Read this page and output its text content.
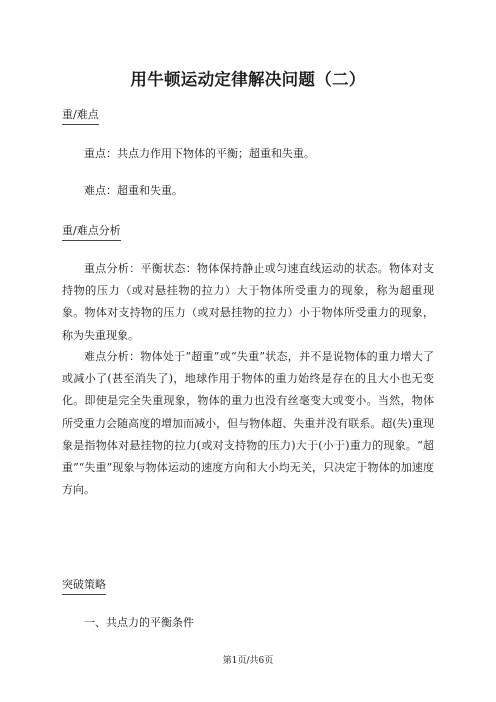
用牛顿运动定律解决问题（二）
重/难点
重点：共点力作用下物体的平衡；超重和失重。
难点：超重和失重。
重/难点分析
重点分析：平衡状态：物体保持静止或匀速直线运动的状态。物体对支持物的压力（或对悬挂物的拉力）大于物体所受重力的现象，称为超重现象。物体对支持物的压力（或对悬挂物的拉力）小于物体所受重力的现象，称为失重现象。
难点分析：物体处于“超重”或“失重”状态，并不是说物体的重力增大了或减小了(甚至消失了)，地球作用于物体的重力始终是存在的且大小也无变化。即使是完全失重现象，物体的重力也没有丝毫变大或变小。当然，物体所受重力会随高度的增加而减小，但与物体超、失重并没有联系。超(失)重现象是指物体对悬挂物的拉力(或对支持物的压力)大于(小于)重力的现象。“超重”“失重”现象与物体运动的速度方向和大小均无关，只决定于物体的加速度方向。
突破策略
一、共点力的平衡条件
第1页/共6页
